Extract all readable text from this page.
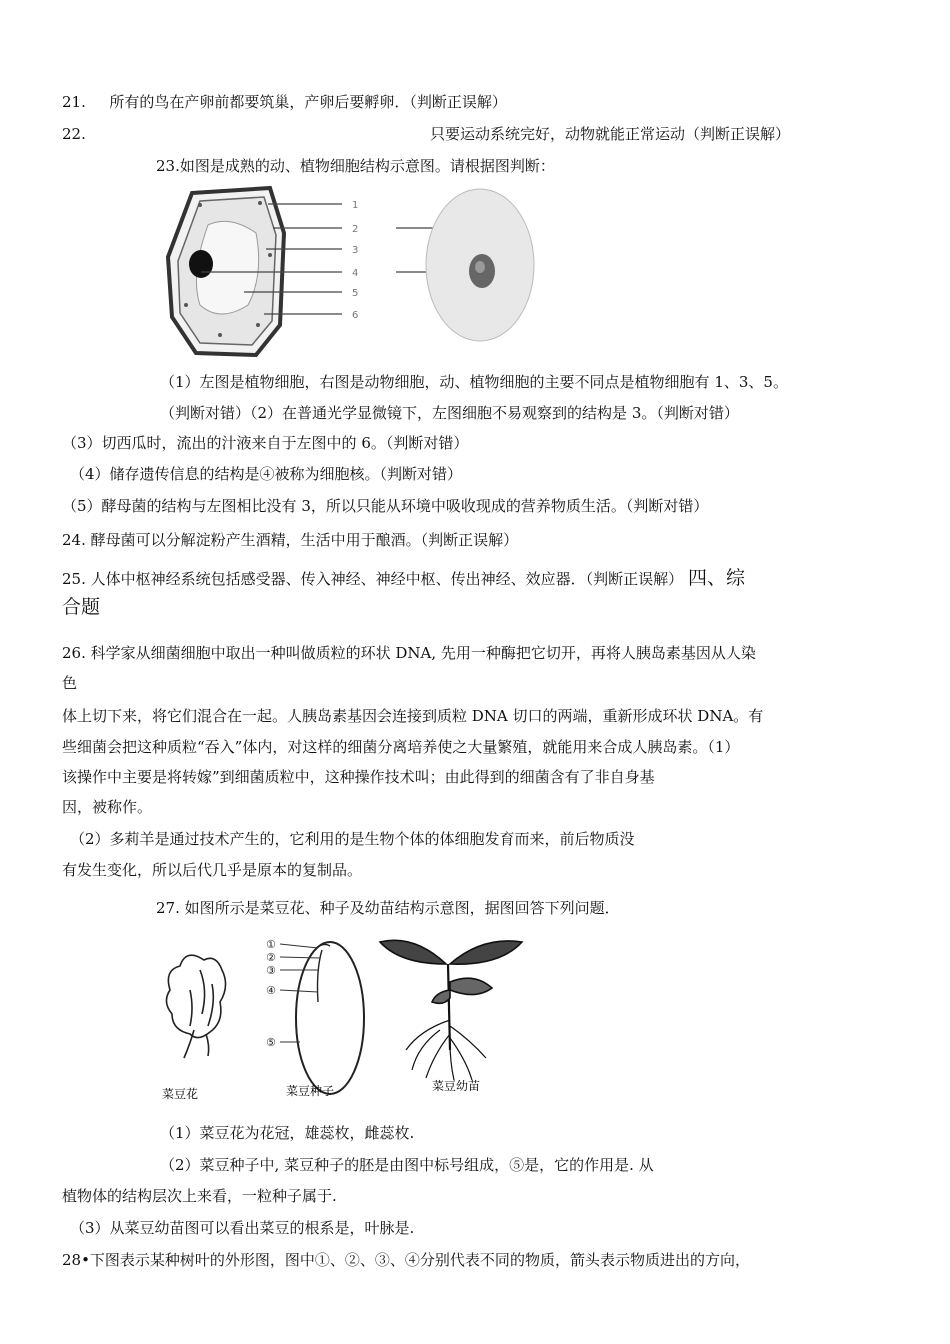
21. 所有的鸟在产卵前都要筑巢，产卵后要孵卵．（判断正误解）
22.	只要运动系统完好，动物就能正常运动（判断正误解）
23.如图是成熟的动、植物细胞结构示意图。请根据图判断：
1
2
3
4
5
6
（1）左图是植物细胞，右图是动物细胞，动、植物细胞的主要不同点是植物细胞有 1、3、5。
（判断对错）（2）在普通光学显微镜下，左图细胞不易观察到的结构是 3。（判断对错）
（3）切西瓜时，流出的汁液来自于左图中的 6。（判断对错）
（4）储存遗传信息的结构是④被称为细胞核。（判断对错）
（5）酵母菌的结构与左图相比没有 3，所以只能从环境中吸收现成的营养物质生活。（判断对错）
24. 酵母菌可以分解淀粉产生酒精，生活中用于酿酒。（判断正误解）
25. 人体中枢神经系统包括感受器、传入神经、神经中枢、传出神经、效应器．（判断正误解） 四、综
合题
26. 科学家从细菌细胞中取出一种叫做质粒的环状 DNA, 先用一种酶把它切开，再将人胰岛素基因从人染
色
体上切下来，将它们混合在一起。人胰岛素基因会连接到质粒 DNA 切口的两端，重新形成环状 DNA。有
些细菌会把这种质粒“吞入”体内，对这样的细菌分离培养使之大量繁殖，就能用来合成人胰岛素。（1）
该操作中主要是将转嫁”到细菌质粒中，这种操作技术叫；由此得到的细菌含有了非自身基
因，被称作。
（2）多莉羊是通过技术产生的，它利用的是生物个体的体细胞发育而来，前后物质没
有发生变化，所以后代几乎是原本的复制品。
27. 如图所示是菜豆花、种子及幼苗结构示意图，据图回答下列问题．
菜豆花
①
②
③
④
⑤
菜豆种子	菜豆幼苗
（1）菜豆花为花冠，雄蕊枚，雌蕊枚.
（2）菜豆种子中, 菜豆种子的胚是由图中标号组成，⑤是，它的作用是. 从
植物体的结构层次上来看，一粒种子属于.
（3）从菜豆幼苗图可以看出菜豆的根系是，叶脉是.
28•下图表示某种树叶的外形图，图中①、②、③、④分别代表不同的物质，箭头表示物质进出的方向，
